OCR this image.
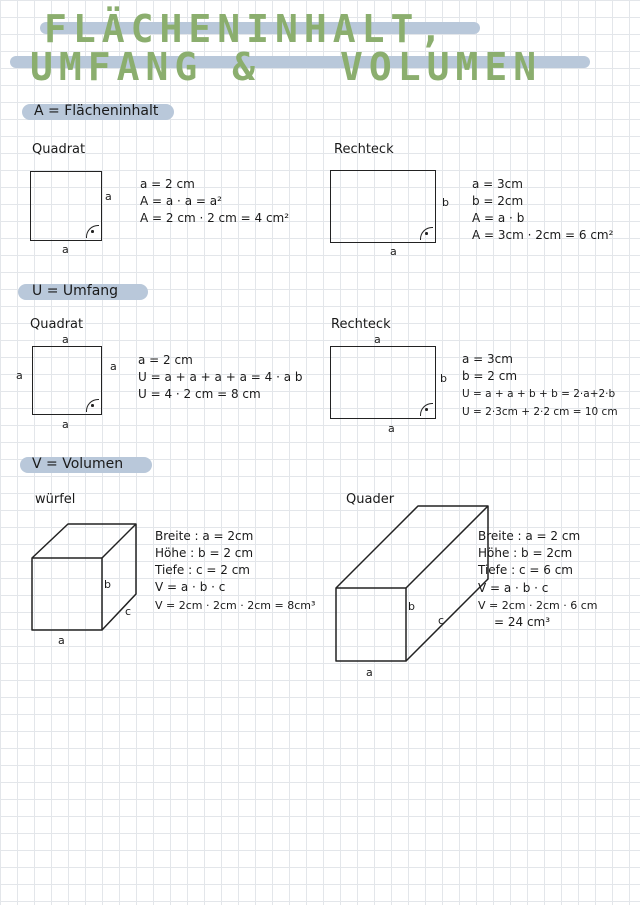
FLÄCHENINHALT,
UMFANG & VOLUMEN
A = Flächeninhalt
Quadrat
a
a
a = 2 cm
A = a · a = a²
A = 2 cm · 2 cm = 4 cm²
Rechteck
b
a
a = 3cm
b = 2cm
A = a · b
A = 3cm · 2cm = 6 cm²
U = Umfang
Quadrat
a
a
a
a
a = 2 cm
U = a + a + a + a = 4 · a b
U = 4 · 2 cm = 8 cm
Rechteck
a
b
a
a = 3cm
b = 2 cm
U = a + a + b + b = 2·a+2·b
U = 2·3cm + 2·2 cm = 10 cm
V = Volumen
würfel
b
c
a
Breite : a = 2cm
Höhe : b = 2 cm
Tiefe : c = 2 cm
V = a · b · c
V = 2cm · 2cm · 2cm = 8cm³
Quader
b
c
a
Breite : a = 2 cm
Höhe : b = 2cm
Tiefe : c = 6 cm
V = a · b · c
V = 2cm · 2cm · 6 cm
= 24 cm³
